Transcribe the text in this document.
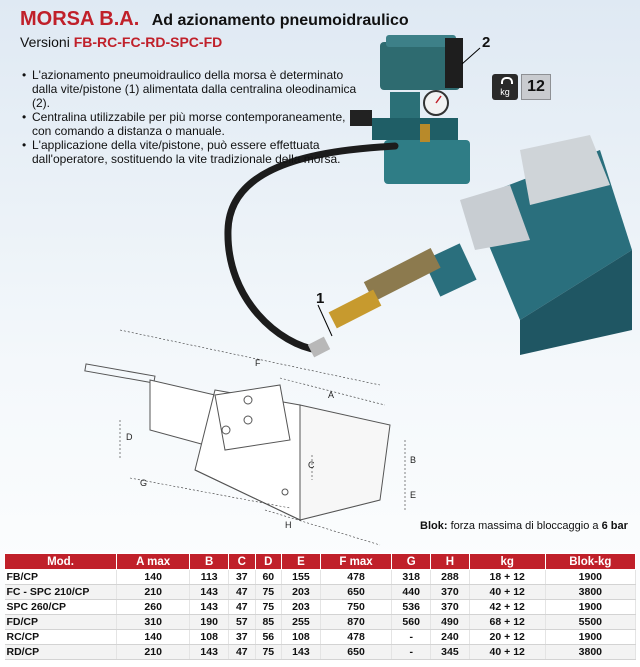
MORSA B.A. Ad azionamento pneumoidraulico
Versioni FB-RC-FC-RD-SPC-FD
• L'azionamento pneumoidraulico della morsa è determinato dalla vite/pistone (1) alimentata dalla centralina oleodinamica (2).
• Centralina utilizzabile per più morse contemporaneamente, con comando a distanza o manuale.
• L'applicazione della vite/pistone, può essere effettuata dall'operatore, sostituendo la vite tradizionale della morsa.
kg	12
2
1
F
A
D
C	B
E
G
H	Blok: forza massima di bloccaggio a 6 bar
Mod.	A max	B	C	D	E	F max	G	H	kg	Blok-kg
FB/CP	140	113	37	60	155	478	318	288	18 + 12	1900
FC - SPC 210/CP	210	143	47	75	203	650	440	370	40 + 12	3800
SPC 260/CP	260	143	47	75	203	750	536	370	42 + 12	1900
FD/CP	310	190	57	85	255	870	560	490	68 + 12	5500
RC/CP	140	108	37	56	108	478	-	240	20 + 12	1900
RD/CP	210	143	47	75	143	650	-	345	40 + 12	3800
